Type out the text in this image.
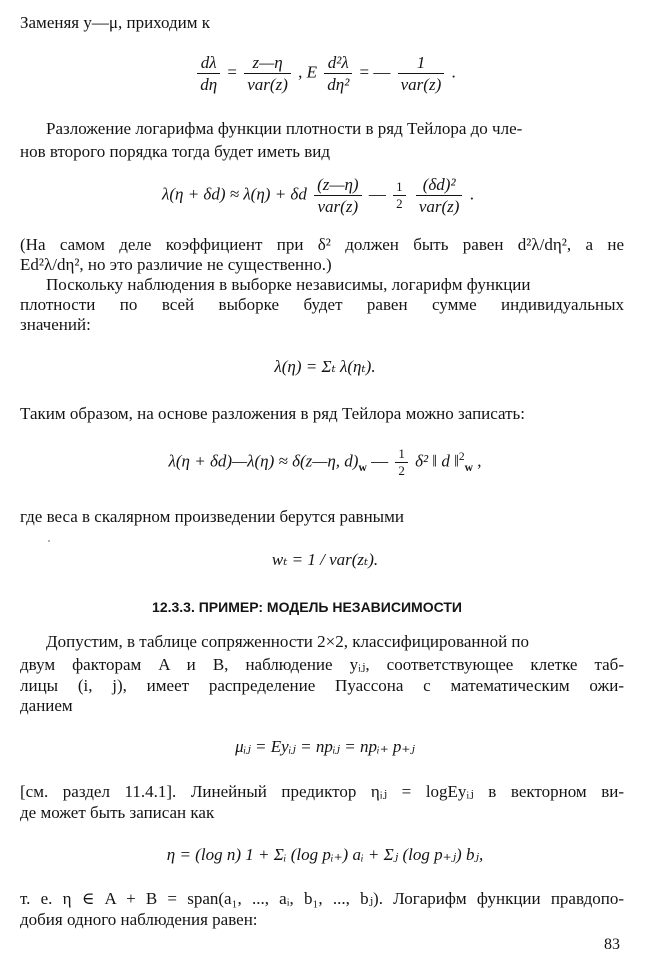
Заменяя y—μ, приходим к
$\frac{d\lambda}{d\eta} = \frac{z—\eta}{\text{var(z)}}$ , E $\frac{\text{d²λ}}{\text{dη²}}$ = — $\frac{1}{\text{var(z)}}$ .
Разложение логарифма функции плотности в ряд Тейлора до чле-
нов второго порядка тогда будет иметь вид
λ(η + δd) ≈ λ(η) + δd $\frac{(z—\eta)}{\text{var(z)}}$ — $\frac{1}{2}$
$\frac{\text{(δd)²}}{\text{var(z)}}$ .
(На самом деле коэффициент при δ² должен быть равен d²λ/dη², а не
Ed²λ/dη², но это различие не существенно.)
Поскольку наблюдения в выборке независимы, логарифм функции
плотности по всей выборке будет равен сумме индивидуальных
значений:
λ(η) = Σₜ λ(ηₜ).
Таким образом, на основе разложения в ряд Тейлора можно записать:
λ(η + δd)—λ(η) ≈ δ(z—η, $d)_w$ — $\frac{1}{2} \delta^2$ ‖ d ‖$^2_w$ ,
где веса в скалярном произведении берутся равными
wₜ = 1 / var(zₜ).
12.3.3. ПРИМЕР: МОДЕЛЬ НЕЗАВИСИМОСТИ
Допустим, в таблице сопряженности 2×2, классифицированной по
двум факторам A и B, наблюдение yᵢⱼ, соответствующее клетке таб-
лицы (i, j), имеет распределение Пуассона с математическим ожи-
данием
μᵢⱼ = Eyᵢⱼ = npᵢⱼ = npᵢ₊ p₊ⱼ
[см. раздел 11.4.1]. Линейный предиктор ηᵢⱼ = logEyᵢⱼ в векторном ви-
де может быть записан как
η = (log n) 1 + Σᵢ (log pᵢ₊) aᵢ + Σⱼ (log p₊ⱼ) bⱼ,
т. е. η ∈ A + B = span(a₁, ..., aᵢ, b₁, ..., bⱼ). Логарифм функции правдопо-
добия одного наблюдения равен:
83
